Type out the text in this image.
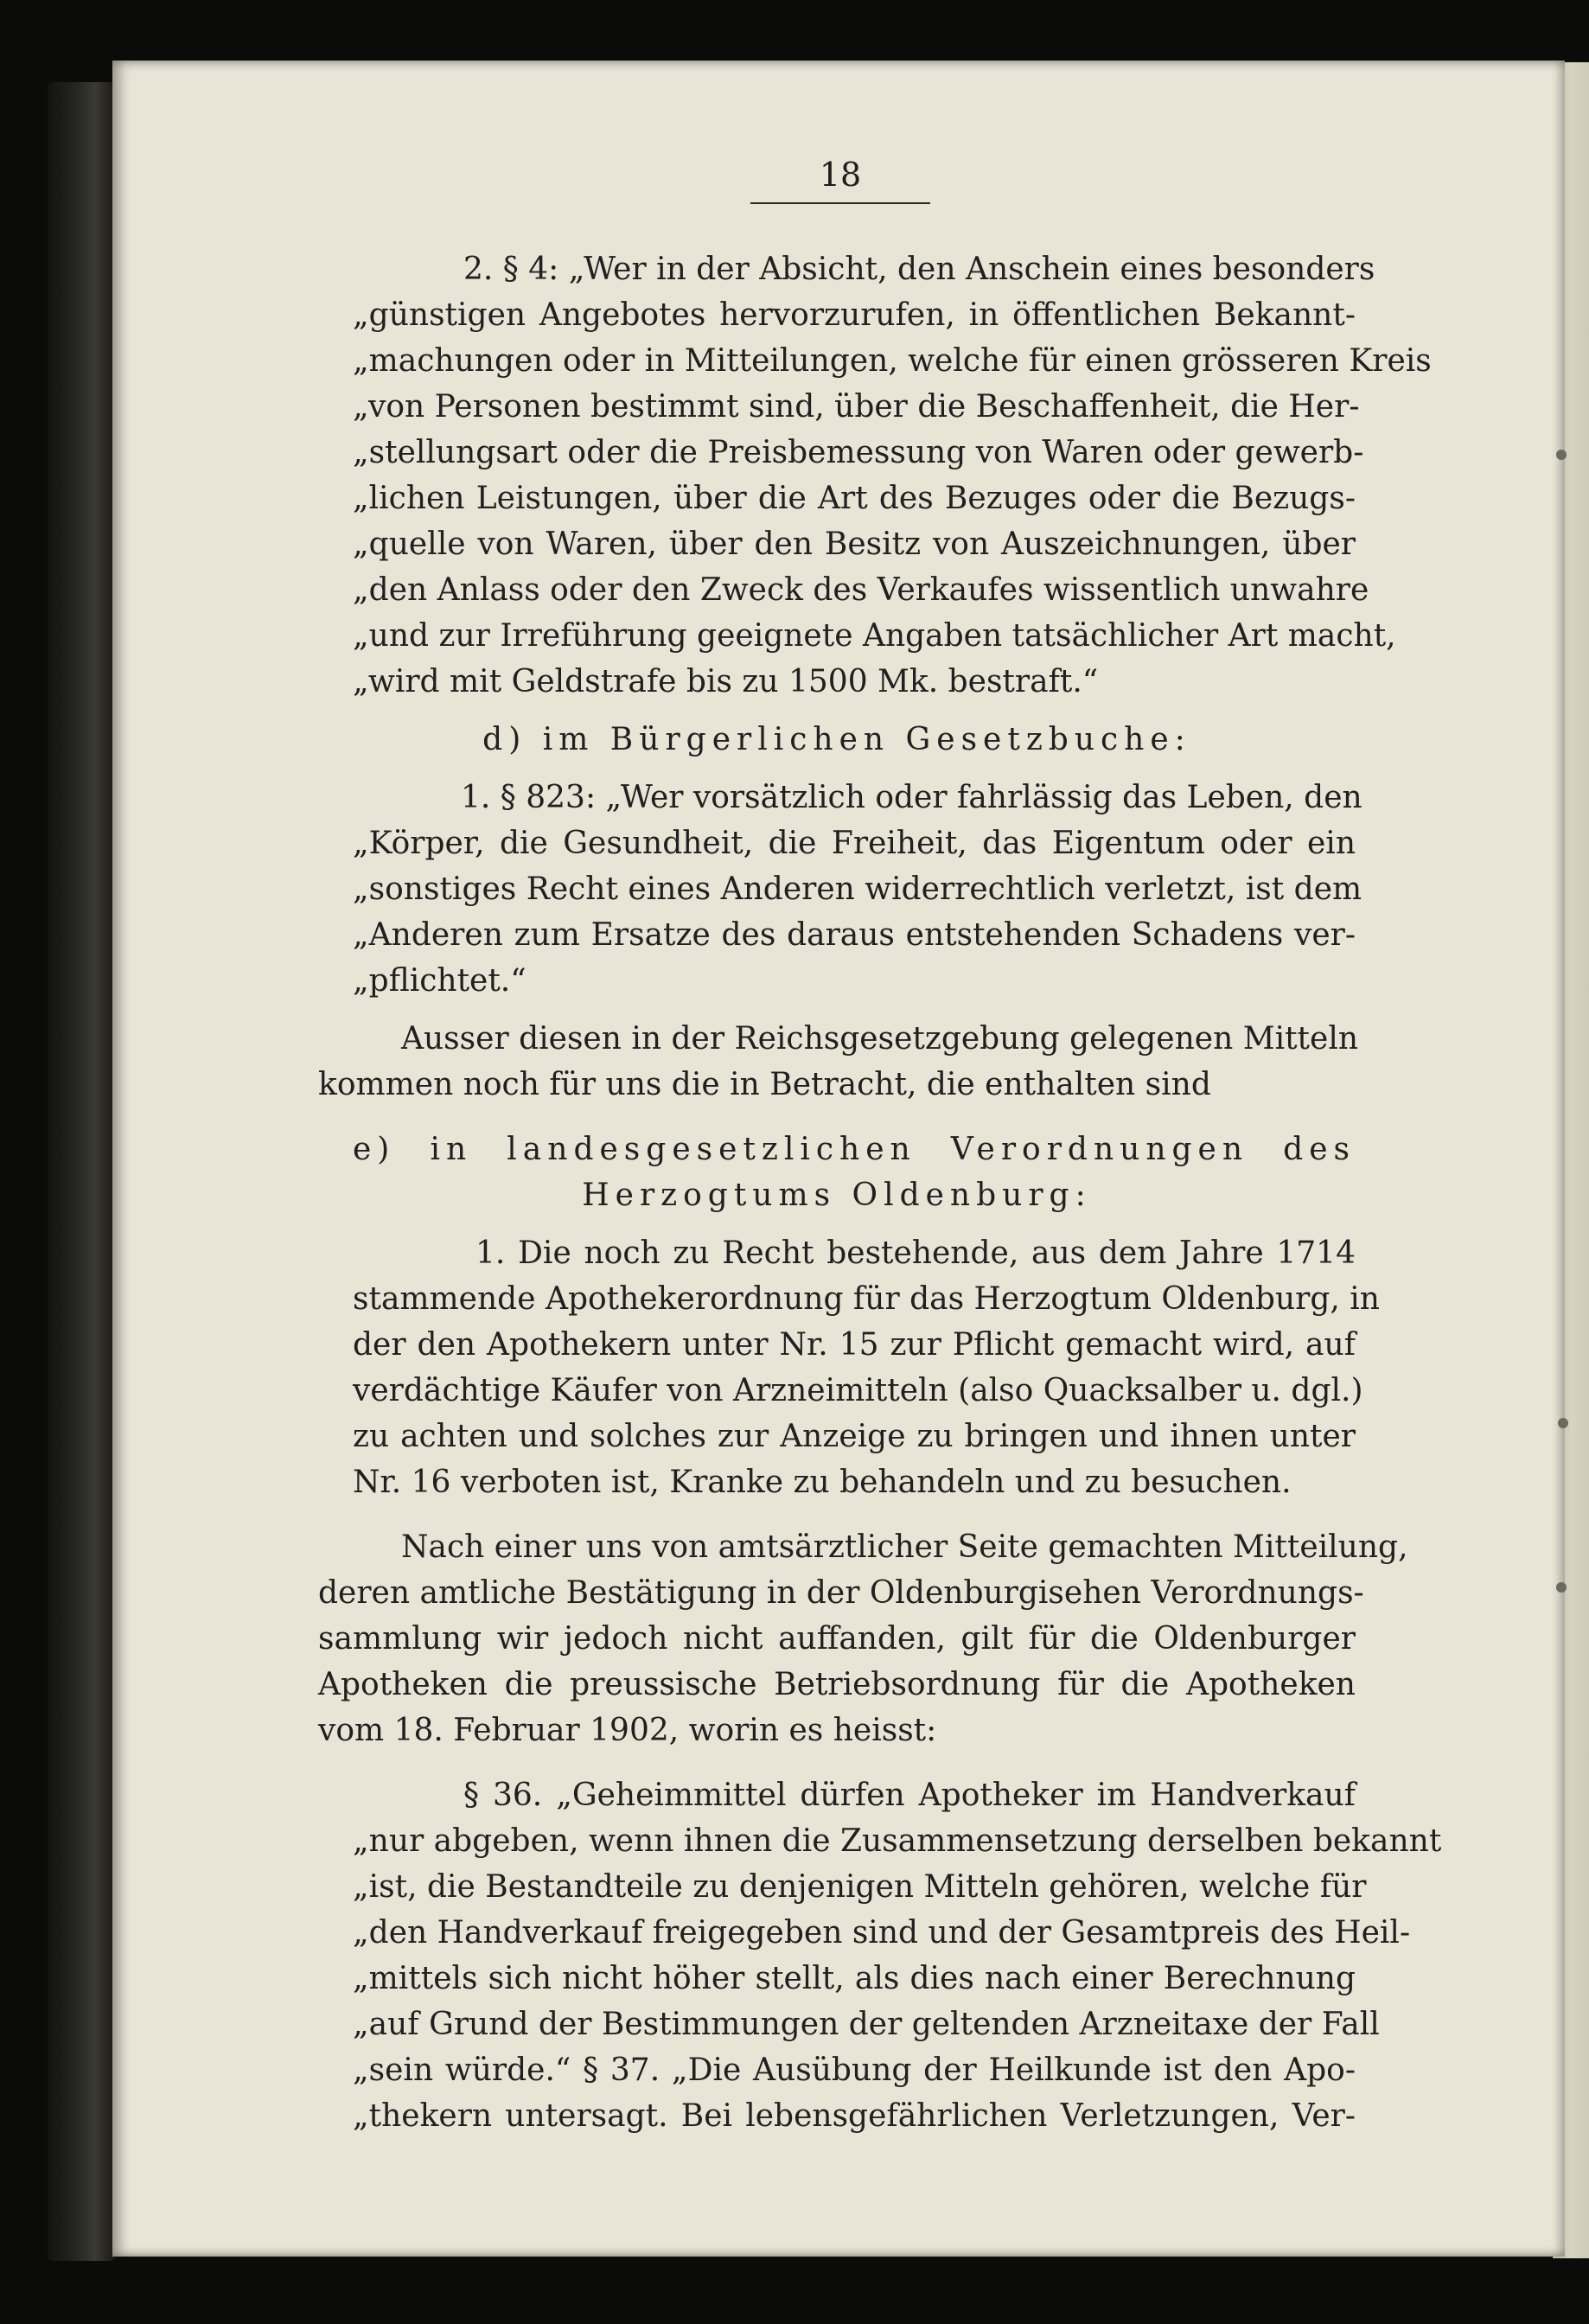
18
2. § 4: „Wer in der Absicht, den Anschein eines besonders
„günstigen Angebotes hervorzurufen, in öffentlichen Bekannt-
„machungen oder in Mitteilungen, welche für einen grösseren Kreis
„von Personen bestimmt sind, über die Beschaffenheit, die Her-
„stellungsart oder die Preisbemessung von Waren oder gewerb-
„lichen Leistungen, über die Art des Bezuges oder die Bezugs-
„quelle von Waren, über den Besitz von Auszeichnungen, über
„den Anlass oder den Zweck des Verkaufes wissentlich unwahre
„und zur Irreführung geeignete Angaben tatsächlicher Art macht,
„wird mit Geldstrafe bis zu 1500 Mk. bestraft.“
d) im Bürgerlichen Gesetzbuche:
1. § 823: „Wer vorsätzlich oder fahrlässig das Leben, den
„Körper, die Gesundheit, die Freiheit, das Eigentum oder ein
„sonstiges Recht eines Anderen widerrechtlich verletzt, ist dem
„Anderen zum Ersatze des daraus entstehenden Schadens ver-
„pflichtet.“
Ausser diesen in der Reichsgesetzgebung gelegenen Mitteln
kommen noch für uns die in Betracht, die enthalten sind
e) in landesgesetzlichen Verordnungen des
Herzogtums Oldenburg:
1. Die noch zu Recht bestehende, aus dem Jahre 1714
stammende Apothekerordnung für das Herzogtum Oldenburg, in
der den Apothekern unter Nr. 15 zur Pflicht gemacht wird, auf
verdächtige Käufer von Arzneimitteln (also Quacksalber u. dgl.)
zu achten und solches zur Anzeige zu bringen und ihnen unter
Nr. 16 verboten ist, Kranke zu behandeln und zu besuchen.
Nach einer uns von amtsärztlicher Seite gemachten Mitteilung,
deren amtliche Bestätigung in der Oldenburgisehen Verordnungs-
sammlung wir jedoch nicht auffanden, gilt für die Oldenburger
Apotheken die preussische Betriebsordnung für die Apotheken
vom 18. Februar 1902, worin es heisst:
§ 36. „Geheimmittel dürfen Apotheker im Handverkauf
„nur abgeben, wenn ihnen die Zusammensetzung derselben bekannt
„ist, die Bestandteile zu denjenigen Mitteln gehören, welche für
„den Handverkauf freigegeben sind und der Gesamtpreis des Heil-
„mittels sich nicht höher stellt, als dies nach einer Berechnung
„auf Grund der Bestimmungen der geltenden Arzneitaxe der Fall
„sein würde.“ § 37. „Die Ausübung der Heilkunde ist den Apo-
„thekern untersagt. Bei lebensgefährlichen Verletzungen, Ver-
